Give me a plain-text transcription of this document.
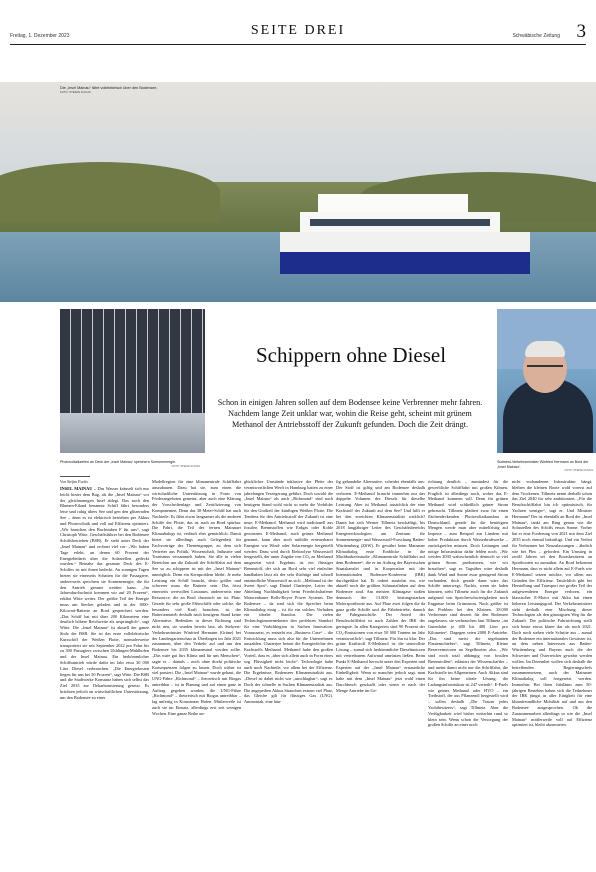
Freitag, 1. Dezember 2023	SEITE DREI	Schwäbische Zeitung 3
Die „Insel Mainau“ fährt vollelektrisch über den Bodensee.
FOTO: STEFAN FUCHS
Photovoltaikzellen an Deck der „Insel Mainau“ speichern Sonnenenergie.
FOTO: STEFAN FUCHS
Südwest-Verkehrsminister Winfried Hermann an Bord der „Insel Mainau“.
FOTO: STEFAN FUCHS
Schippern ohne Diesel
Schon in einigen Jahren sollen auf dem Bodensee keine Verbrenner mehr fahren. Nachdem lange Zeit unklar war, wohin die Reise geht, scheint mit grünem Methanol der Antriebsstoff der Zukunft gefunden. Doch die Zeit drängt.
Von Stefan Fuchs

INSEL MAINAU – Das Wasser kräuselt sich nur leicht hinter dem Bug, als die „Insel Mainau“ vor der gleichnamigen Insel ablegt. Das noch den Blumen-Eiland benannte Schiff fährt besonders leise und ruhig übers See und gen den glitzernden See – denn es ist elektrisch betrieben per Akkus und Photovoltaik und voll auf Effizienz optimiert. „Wir brauchen den Buchstaben F für uns“, sagt Christoph Witte, Geschäftsführer bei den Bodensee Schiffsbetrieben (BSB). Er sieht unter Deck der „Insel Mainau“ und rechnet viel vor: „Wir haben Tage erlebt, an denen 60 Prozent der Energiebedarfs über die Solarzellen gedeckt wurden.“ Beinahe das gesamte Deck des E-Schiffes ist mit ihnen bedeckt. An sonnigen Tagen bieten sie einerseits Schatten für die Passagiere, andererseits speichern sie Sonnenenergie, die für den Antrieb genutzt werden kann. „Im Jahresdurchschnitt kommen wir auf 20 Prozent“, erklärt Witte weiter. Der größte Teil der Energie muss am Stecker geladen und in der 1000-Kilowatt-Batterie an Bord gespeichert werden. „Das Schiff hat mit über 200 Kilometern eine deutlich höhere Reichweite als ursprünglich“, sagt Witte. Die „Insel Mainau“ ist aktuell der ganze Stolz der BSB. Sie ist das erste vollelektrische Kursschiff der Weißen Flotte, normalerweise transportiert sie seit September 2022 pro Fahrt bis zu 300 Passagiere zwischen Uhldingen-Mühlhofen und der Insel Mainau. Ein herkömmlicher Schiffsantrieb würde dafür im Jahr etwa 30 000 Liter Diesel verbrauchen. „Die Energiekosten liegen für uns bei 50 Prozent“, sagt Witte. Die BSB und die Stadtwerke Konstanz haben sich selbst das Ziel 2035 zur Dekarbonisierung gesetzt. Es brächten jedoch an wirtschaftlichen Unterstützung, um den Bodensee zu einer

Modellregion für eine klimaneutrale Schifffahrt auszubauen. Dazu hat sie, zum einen die wirtschaftliche Unterstützung in Form von Förderangeboten gemeint, aber auch eine Klärung der Vorschriftenlage und Zertifizierung von Komponenten. Denn das 30-Meter-Schiff hat auch Nachteile: Es fährt etwas langsamer als die anderen Schiffe der Flotte, das ist auch an Bord spürbar. Die Fahrt, die Teil des fernen Mainauer Klimadialogs ist, verläuft eher gemächlich. Damit bietet sie allerdings auch Gelegenheit für Fachvorträge der Themengruppe, zu dem sich Vertreter aus Politik, Wissenschaft, Industrie und Tourismus versammelt haben. Sie alle in vielen Bereichen um die Zukunft der Schifffahrt auf dem See so zu schippern ist mit der „Insel Mainau“ unmöglich. Denn ein Kernproblem bleibt: Je mehr Leistung ein Schiff braucht, desto größer und schwerer muss die Batterie sein. Das frisst einerseits wertvollen Lastraum, andererseits eine Ressource, die an Bord chronisch rar ist: Platz. Gerade für sehr große Fährschiffe oder solche, die besonders viel Kraft brauchen, ist der Batterieantrieb deshalb nach heutigem Stand keine Alternative. Bedenken in dieser Richtung sind nicht neu, sie wurden bereits laut, als Südwest-Verkehrsminister Winfried Hermann (Grüne) bei der Landesgartenschau in Überlingen im Jahr 2021 zusammen, über den Verkehr auf und um den Bodensee bis 2035 klimaneutral werden sollte. „Das wäre gut fürs Klima und für uns Menschen“, sagte er – damals – noch ohne direkt politische Konsequenzen folgen zu lassen. Doch wither ist viel passiert. Die „Insel Mainau“ wurde gebaut, die UNG-Fähre „Richmond“ – theoretisch mit Biogas antreibbar – ist in Planung und auf einen ganz in Auftrag gegeben worden, die UNG-Fähre „Richmond“ – theoretisch mit Biogas antreibbar – lag unfertig in Konstanzer Hafen. Mittlerweile ist auch sie im Einsatz, allerdings erst seit wenigen Wochen. Eine ganze Reihe un-

glücklicher Umstände inklusive der Pleite der verantwortlichen Werft in Hamburg hatten zu einer jahrelangen Verzögerung geführt. Doch sowohl die „Insel Mainau“ als auch „Richmond“ sind nach heutigem Stand wohl nicht so mehr die Vorbilder für den Großteil der künftigen Weißen Flotte. Die Tendenz für den Antriebsstoff der Zukunft ist eine neue: E-Methanol. Methanol wird traditionell aus fossilen Brennstoffen wie Erdgas oder Kohle gewonnen. E-Methanol, auch grünes Methanol genannt, kann aber auch mithilfe erneuerbarer Energien wie Wind- oder Solarenergie hergestellt werden. Dazu wird durch Elektrolyse Wasserstoff hergestellt, der unter Zugabe von CO₂ zu Methanol umgesetzt wird. Ergebnis ist ein flüssiger Brennstoff, der sich an Bord sehr viel einfacher handhaben lässt als der sehr flüchtige und schnell entzündliche Wasserstoff an sich. „Methanol ist der Sweet Spot“, sagt Daniel Chatterjee, Leiter der Abteilung Nachhaltigkeit beim Friedrichshafener Motorenbauer Rolls-Royce Power Systems. Der Bodensee – da sind sich die Sprecher beim Klimadialog einig – ist für ein solches Vorhaben ein idealer Standort. Die vielen Technologieunternehmen den perfekten Standort für eine Vorbildregion in Sachen Innovation. Voraussetzt, es entsteht ein „Business Case“ – die Entwicklung muss sich also für die Unternehmen auszahlen. Chatterjee betont die Energiedichte des Kraftstoffs Methanol. Methanol habe den großen Vorteil, dass es „über sich allein auch in Form eines sog. Flüssigkeit nicht leicht“. Technologie habe auch noch Nachteile, vor allem bei der Effizienz. Die Ergebnisse, Bodensees Klimaneutralität aus. „Diesel ist dabei nicht wie „unschlagbar“, sagt er. Doch der schnelle in Sachen Klimaneutralität aus. Die angepeilten Akkus Strauchen extrem viel Platz, das Gleiche gilt für flüssiges Gas (LNG). Ammoniak, eine häu-

fig gehandelte Alternative, scheidet ebenfalls aus: Der Stoff ist giftig und am Bodensee deshalb verboten. E-Methanol braucht immerhin nur das doppelte Volumen des Diesels für dieselbe Leistung. Aber ist Methanol tatsächlich der eine Kraftstoff der Zukunft auf dem See? Und hilft er bei den erreichten Klimaneutralität wirklich? Damit hat sich Werner Tillmetz beschäftigt, bis 2018 langjähriger Leiter des Geschäftsbereichs Energietechnologien am Zentrum für Sonnenenergie- und Wasserstoff-Forschung Baden-Württemberg (ZSW). Er gewährt beim Mainauer Klimadialog erste Einblicke in die Machbarkeitsstudie „Klimaneutrale Schifffahrt auf dem Bodensee“, die er im Auftrag der Bayerischen Staatskanzlei und in Kooperation mit der Internationalen Bodensee-Konferenz (IBK) durchgeführt hat. Er ordnet zunächst ein, wie aktuell noch die größten Schmutzfinken auf dem Bodensee sind. Am meisten Klimagase stoßen demnach die 13.800 leistungsstarken Motorsportboote aus. Auf Platz zwei folgen die da ganz große Schiffe und die Fährbetriebe, danach die Fahrgastschiffe. Der Anteil der Berufsschifffahrt ist nach Zahlen der IBK der geringste. In allen Kategorien sind 90 Prozent der CO₂-Emissionen von etwa 50 000 Tonnen im Jahr verantwortlich“, sagt Tillmetz. Für ihn ist klar: Der grüne Kraftstoff E-Methanol ist die sinnvollste Lösung – zumal sich herkömmliche Dieselmotoren mit vertretbarem Aufwand umrüsten ließen. Beim Punkt E-Methanol herrscht unter den Experten und Experten auf der „Insel Mainau“ erstaunliche Einhelligkeit. Wenn so mancher jedoch sagt, man habe mit dem „Insel Mainau“ jetzt wohl einen Durchbruch geschafft oder wenn er nach der Menge Antriebe im Ge-

richtung deutlich – zumindest für die gewerbliche Schifffahrt mit großen Kilmen. Fraglich ist allerdings noch, woher das E-Methanol kommen soll. Denn für grünen Methanol wird schließlich grüner Strom gebraucht. Tillmetz plädiert zwar für einen flächendeckenden Photovoltaikausbau in Deutschland, gerade für die benötigten Mengen werde man aber mittelfristig auf Importe – zum Beispiel aus Ländern mit hoher Produktion durch Wasserkraftwerke – zurückgreifen müssen. Doch Leitungen und nötige Infrastruktur dafür fehlen noch. „Wir werden 2030 wahrscheinlich dennoch so viel grünen Strom produzieren, wie wir brauchen“, sagt er. Tagsüber wäre deshalb dank Wind und Sonne zwar genügend Strom vorhanden, doch gerade dann wäre das Schiffe unterwegs. Nachts, wenn sie laden könnten, sieht Tillmetz auch für die Zukunft aufgrund von Speicherschwierigkeiten noch Engpässe beim Grünstrom. Noch größer ist das Problem bei den Kleinen. 38.000 Verbrenner sind derzeit für den Bodensee zugelassen, sie verbrauchen laut Tillmetz „im Gutenfahrt je 400 bis 400 Liter pro Kilometer“. Dagegen seien 2000 E-Antriebe. „Das sind meist die segelnanten Flautenschieber“, sagt Tillmetz, Kleine Reservemotoren an Segelbooten also. „Wir sind noch total abhängig von fossilen Brennstoffen“, erläutert der Wissenschaftler – und meint damit nicht nur die Schifffahrt, die Kraftstoffe im Allgemeinen. Auch Akkus sind für ihn keine ideale Lösung, die Ladungsinfrastruktur ist 247 verteilt“. E-Fuels wie grünes Methanol oder HVO – ein Treibstoff, der aus Pflanzenöl hergestellt wird – sollen deshalb „Die Traum jedes Yachtbesitzers“, sagt Tillmetz. Aber die Verfügbarkeit wird bisher weiterhin rund so klein sein. Wenn schon die Versorgung der großen Schiffe an einer noch

nicht vorhandenen Infrastruktur hängt, bleiben die kleinen Boote wohl vorerst auf dem Trockenen. Tillmetz nennt deshalb schon das Ziel 2040 für sehr ambitioniert. „Für die Berufsschifffahrt bin ich optimistisch, für Yachten weniger“, sagt er. Und Minister Hermann? Der ist ebenfalls an Bord der „Insel Mainau“, tankt am Ring genau wie die Solarzellen des Schiffs etwas Sonne. Vorher hat er eine Forderung von 2021 mit dem Ziel 2035 noch einmal bekräftigt. Und ein Verbot für Verbrenner bei Neuzulassungen – ähnlich wie bei Pkw – gefordert. Ein Umstieg in zwölf Jahren sei den Bootsbesitzern an Sportbooten zu zumutbar. An Bord bekommt Hermann, dass er nicht allein auf E-Fuels wie E-Methanol setzen möchte, vor allem aus Gründen der Effizienz. Tatsächlich gibt bei Herstellung und Transport ein großer Teil der aufgewendeten Energie verloren, ein klassischer E-Motor mit Akku hat einen höheren Leistungsgrad. Der Verkehrsminister sieht deshalb eine Mischung dieser Technologien als den günstigsten Weg für die Zukunft. Der politische Fahrtrichtung stellt sich heute etwas klarer dar als noch 2021. Doch noch stehen viele Schritte aus – zumal der Bodensee ein internationales Gewässer ist, an dem neben Interessen aus Baden-Württemberg und Bayern auch die der Schweizer und Österreicher gewahrt werden wollen. Im Dezember wollen sich deshalb die betreffenden Regierungschefs zusammensetzen, auch der Mainauer Klimadialog soll fortgesetzt werden. Immerhin: Bei ihren Jubiläum zum 50-jährigen Bestehen haben sich die Teilnehmer der IBK jüngst in aller Einigkeit für eine klimafreundliche Mobilität auf und um den Bodensee ausgesprochen. Ob die Zusammenarbeit allerdings so wie die „Insel Mainau“ mittlerweile voll auf Effizienz optimiert ist, bleibt abzuwarten.
